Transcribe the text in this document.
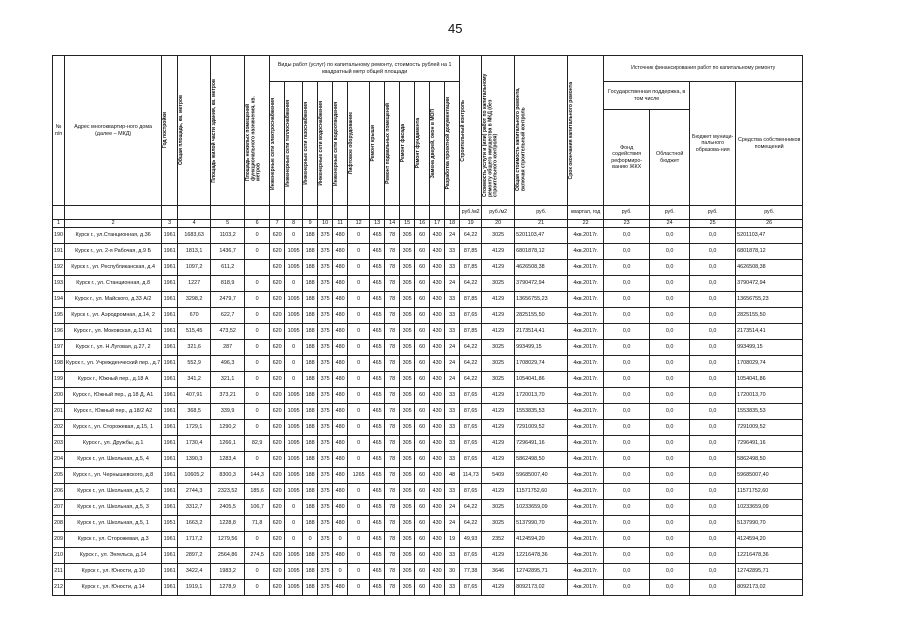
45
№ п/п	Адрес многоквартир-ного дома (далее – МКД)	Год постройки	Общая площадь, кв. метров	Площадь жилой части здания, кв. метров	Площадь нежилых помещений функционального назначения, кв. метров	Виды работ (услуг) по капитальному ремонту, стоимость рублей на 1 квадратный метр общей площади												Строительный контроль	Стоимость услуги и (или) работ по капитальному ремонту общего имущества в МКД (без строительного контроля)	Общая стоимость капитального ремонта, включая строительный контроль	Срок окончания капитального ремонта	Источник финансирования работ по капитальному ремонту			

						Инженерные сети электроснабжения	Инженерные сети теплоснабжения	Инженерные сети газоснабжения	Инженерные сети водоснабжения	Инженерные сети водоотведения	Лифтовое оборудование	Ремонт крыши	Ремонт подвальных помещений	Ремонт фасада	Ремонт фундамента	Замена дверей, окон в МОП	Разработка проектной документации					Государственная поддержка, в том числе		Бюджет муници-пального образова-ния	Средства собственников помещений
																						Фонд содействия реформиро-ванию ЖКХ	Областной бюджет		
																		руб./м2	руб./м2	руб.	квартал, год	руб.	руб.	руб.	руб.
1	2	3	4	5	6	7	8	9	10	11	12	13	14	15	16	17	18	19	20	21	22	23	24	25	26
190	Курск г., ул.Станционная, д.36	1961	1683,63	1103,2	0	620	0	188	375	480	0	465	78	305	60	430	24	64,22	3025	5201103,47	4кв.2017г.	0,0	0,0	0,0	5201103,47
191	Курск г., ул. 2-я Рабочая, д.9 Б	1961	1813,1	1436,7	0	620	1095	188	375	480	0	465	78	305	60	430	33	87,85	4129	6801878,12	4кв.2017г.	0,0	0,0	0,0	6801878,12
192	Курск г., ул. Республиканская, д.4	1961	1097,2	611,2		620	1095	188	375	480	0	465	78	305	60	430	33	87,85	4129	4626508,38	4кв.2017г.	0,0	0,0	0,0	4626508,38
193	Курск г., ул. Станционная, д.8	1961	1227	818,9	0	620	0	188	375	480	0	465	78	305	60	430	24	64,22	3025	3790472,94	4кв.2017г.	0,0	0,0	0,0	3790472,94
194	Курск г., ул. Майского, д.33 А/2	1961	3298,2	2479,7	0	620	1095	188	375	480	0	465	78	305	60	430	33	87,85	4129	13656755,23	4кв.2017г.	0,0	0,0	0,0	13656755,23
195	Курск г., ул. Аэродромная, д.14, 2	1961	670	622,7	0	620	1095	188	375	480	0	465	78	305	60	430	33	87,65	4129	2825155,50	4кв.2017г.	0,0	0,0	0,0	2825155,50
196	Курск г., ул. Моковская, д.13 А1	1961	515,45	473,52	0	620	1095	188	375	480	0	465	78	305	60	430	33	87,85	4129	2173514,41	4кв.2017г.	0,0	0,0	0,0	2173514,41
197	Курск г., ул. Н.Луговая, д.27, 2	1961	321,6	287	0	620	0	188	375	480	0	465	78	305	60	430	24	64,22	3025	993499,15	4кв.2017г.	0,0	0,0	0,0	993499,15
198	Курск г., ул. Учрежденческий пер., д.7	1961	552,9	496,3	0	620	0	188	375	480	0	465	78	305	60	430	24	64,22	3025	1708029,74	4кв.2017г.	0,0	0,0	0,0	1708029,74
199	Курск г., Южный пер., д.18 А	1961	341,2	321,1	0	620	0	188	375	480	0	465	78	305	60	430	24	64,22	3025	1054041,86	4кв.2017г.	0,0	0,0	0,0	1054041,86
200	Курск г., Южный пер., д.18 Д, А1	1961	407,91	373,21	0	620	1095	188	375	480	0	465	78	305	60	430	33	87,65	4129	1720013,70	4кв.2017г.	0,0	0,0	0,0	1720013,70
201	Курск г., Южный пер., д.18/2 А2	1961	368,5	339,9	0	620	1095	188	375	480	0	465	78	305	60	430	33	87,65	4129	1553835,53	4кв.2017г.	0,0	0,0	0,0	1553835,53
202	Курск г., ул. Сторожевая, д.15, 1	1961	1729,1	1290,2	0	620	1095	188	375	480	0	465	78	305	60	430	33	87,65	4129	7291009,52	4кв.2017г.	0,0	0,0	0,0	7291009,52
203	Курск г., ул. Дружбы, д.1	1961	1730,4	1266,1	82,9	620	1095	188	375	480	0	465	78	305	60	430	33	87,65	4129	7296491,16	4кв.2017г.	0,0	0,0	0,0	7296491,16
204	Курск г., ул. Школьная, д.5, 4	1961	1390,3	1283,4	0	620	1095	188	375	480	0	465	78	305	60	430	33	87,65	4129	5862498,50	4кв.2017г.	0,0	0,0	0,0	5862498,50
205	Курск г., ул. Чернышевского, д.8	1961	10605,2	8300,3	144,3	620	1095	188	375	480	1265	465	78	305	60	430	48	114,73	5409	59685007,40	4кв.2017г.	0,0	0,0	0,0	59685007,40
206	Курск г., ул. Школьная, д.5, 2	1961	2744,3	2323,52	185,6	620	1095	188	375	480	0	465	78	305	60	430	33	87,65	4129	11571752,60	4кв.2017г.	0,0	0,0	0,0	11571752,60
207	Курск г., ул. Школьная, д.5, 3	1961	3312,7	2405,5	106,7	620	0	188	375	480	0	465	78	305	60	430	24	64,22	3025	10233659,09	4кв.2017г.	0,0	0,0	0,0	10233659,09
208	Курск г., ул. Школьная, д.5, 1	1951	1663,2	1228,8	71,8	620	0	188	375	480	0	465	78	305	60	430	24	64,22	3025	5137990,70	4кв.2017г.	0,0	0,0	0,0	5137990,70
209	Курск г., ул. Сторожевая, д.3	1961	1717,2	1279,56	0	620	0	0	375	0	0	465	78	305	60	430	19	49,93	2352	4124594,20	4кв.2017г.	0,0	0,0	0,0	4124594,20
210	Курск г., ул. Энгельса, д.14	1961	2897,2	2564,86	274,5	620	1095	188	375	480	0	465	78	305	60	430	33	87,65	4129	12216478,36	4кв.2017г.	0,0	0,0	0,0	12216478,36
211	Курск г., ул. Юности, д.10	1961	3422,4	1983,2	0	620	1095	188	375	0	0	465	78	305	60	430	30	77,38	3646	12742895,71	4кв.2017г.	0,0	0,0	0,0	12742895,71
212	Курск г., ул. Юности, д.14	1961	1919,1	1278,9	0	620	1095	188	375	480	0	465	78	305	60	430	33	87,65	4129	8092173,02	4кв.2017г.	0,0	0,0	0,0	8092173,02
